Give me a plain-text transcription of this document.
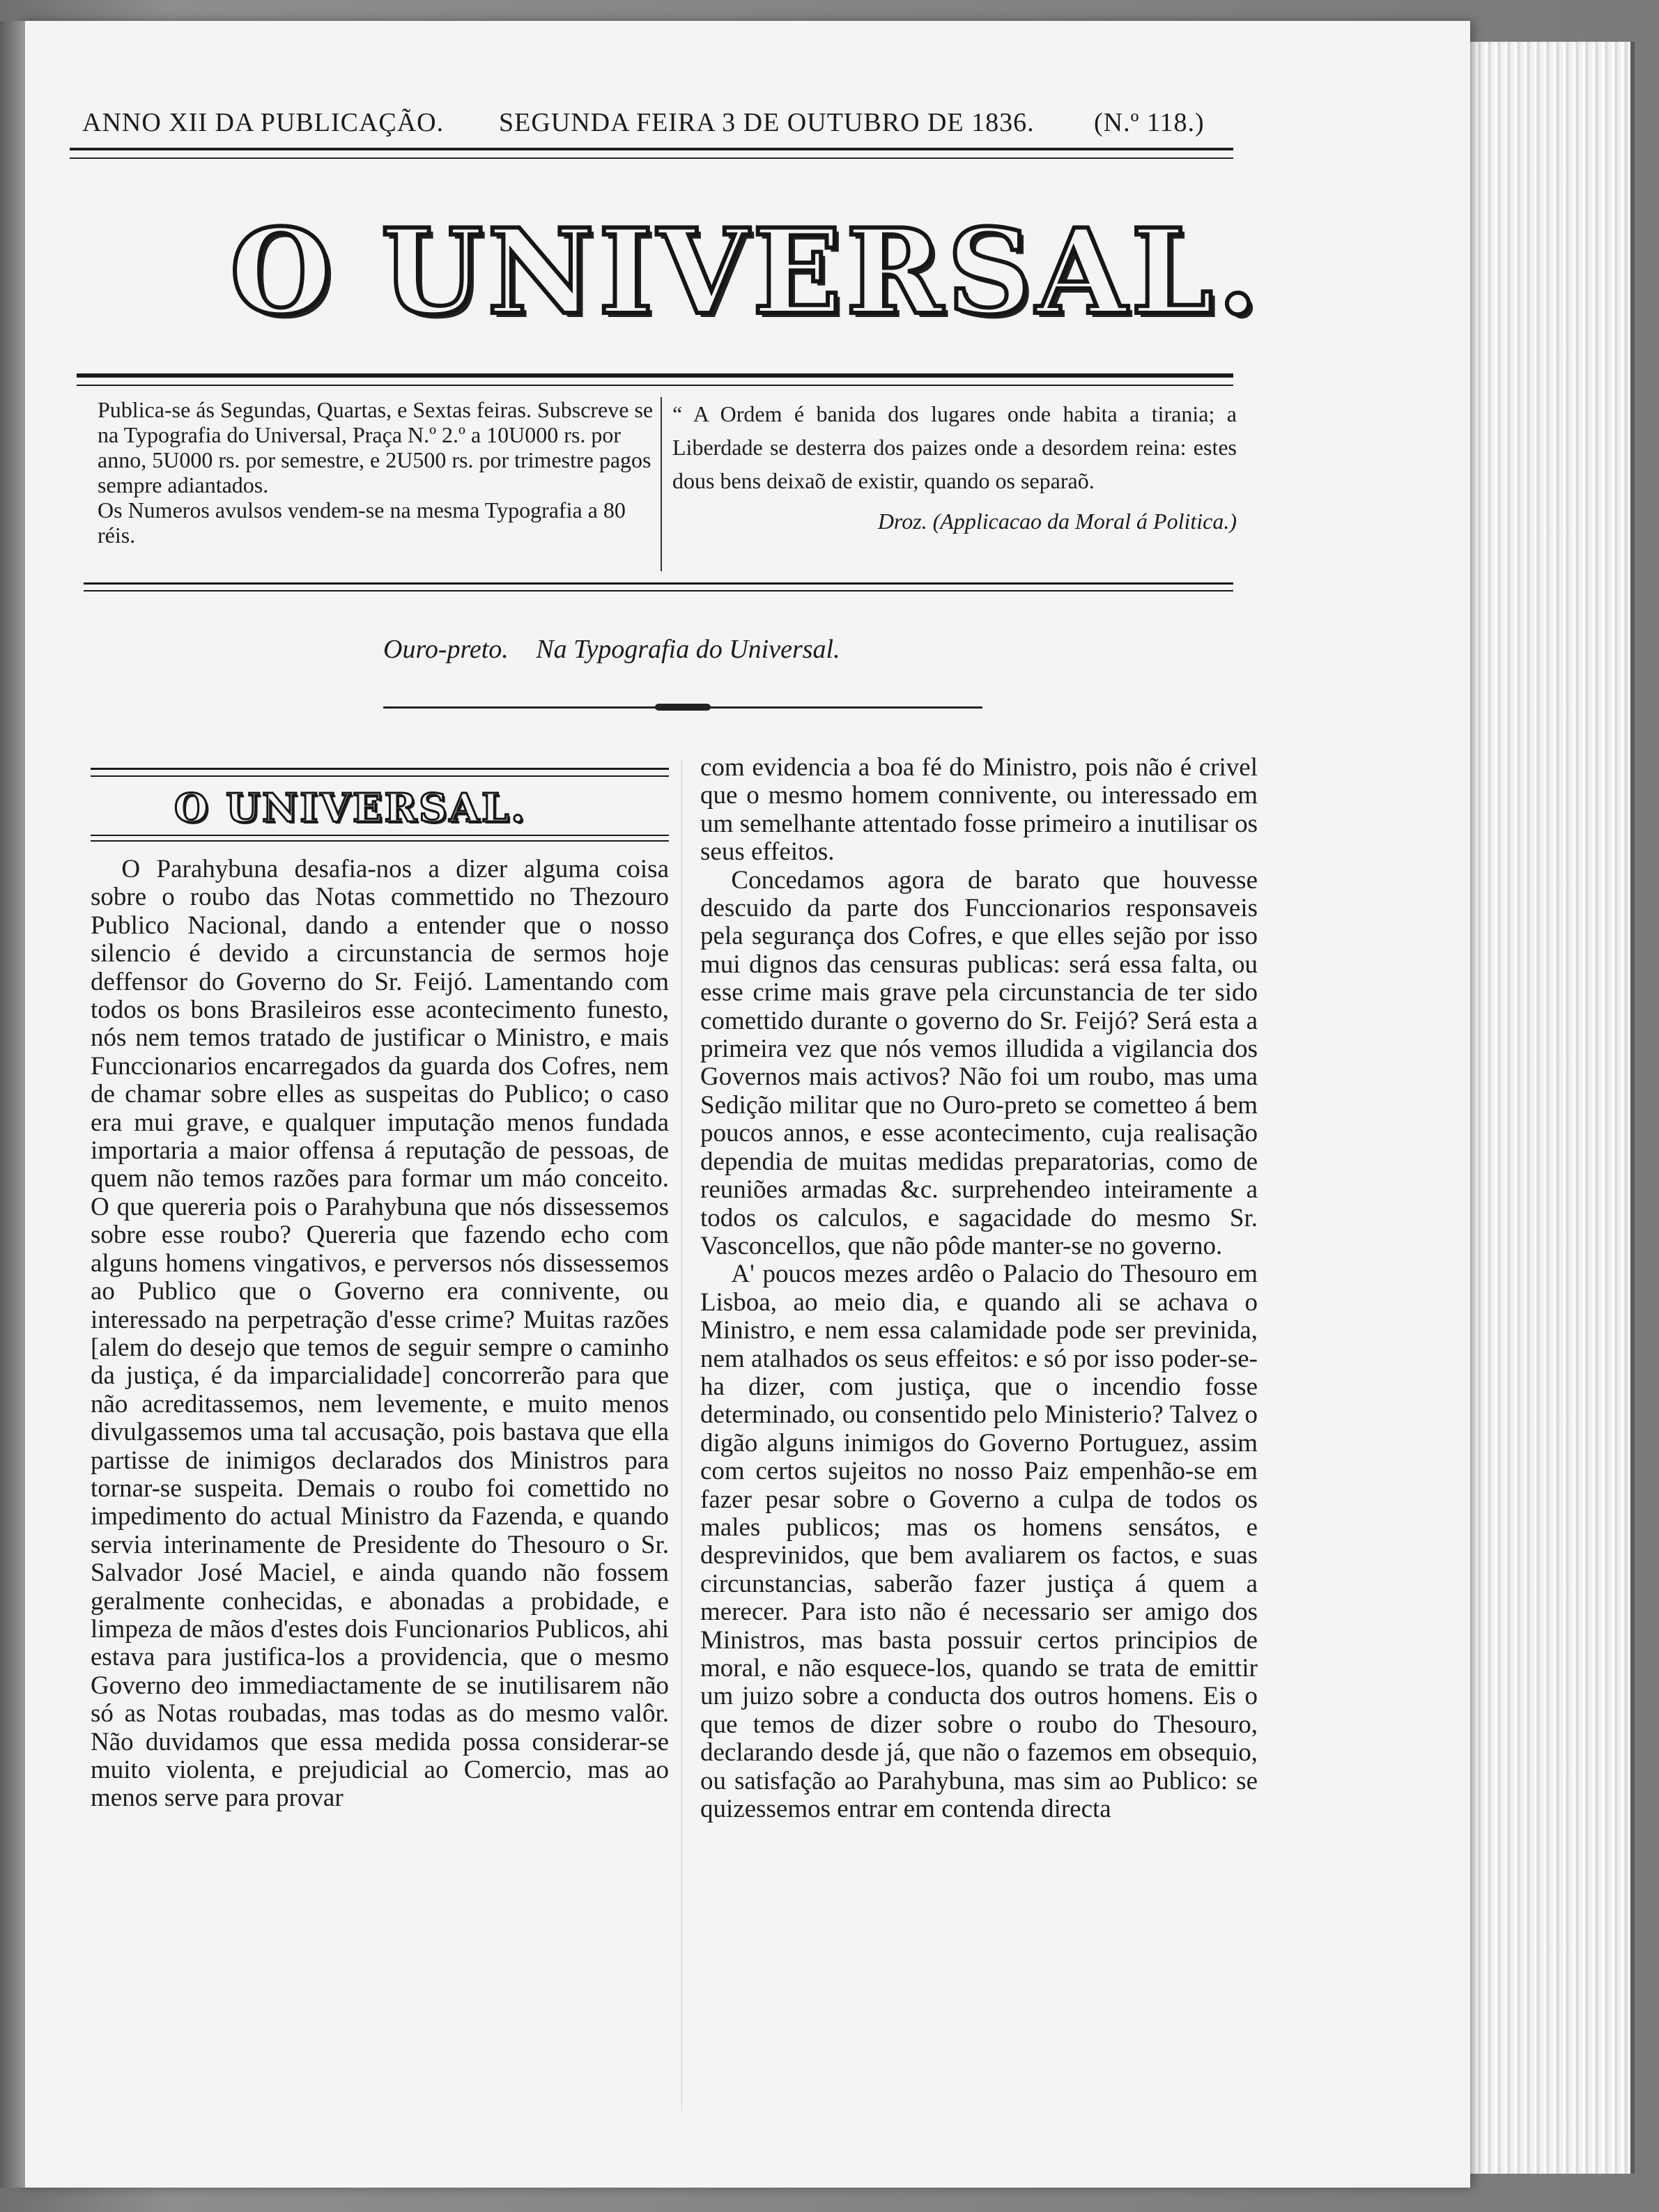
ANNO XII DA PUBLICAÇÃO. SEGUNDA FEIRA 3 DE OUTUBRO DE 1836. (N.º 118.)
O UNIVERSAL.

Publica-se ás Segundas, Quartas, e Sextas feiras. Subscreve se na Typografia do Universal, Praça N.º 2.º a 10U000 rs. por anno, 5U000 rs. por semestre, e 2U500 rs. por trimestre pagos sempre adiantados.

Os Numeros avulsos vendem-se na mesma Typografia a 80 réis.

“ A Ordem é banida dos lugares onde habita a tirania; a Liberdade se desterra dos paizes onde a desordem reina: estes dous bens deixaõ de existir, quando os separaõ.

Droz. (Applicacao da Moral á Politica.)
Ouro-preto. Na Typografia do Universal.
O UNIVERSAL.

O Parahybuna desafia-nos a dizer alguma coisa sobre o roubo das Notas commettido no Thezouro Publico Nacional, dando a entender que o nosso silencio é devido a circunstancia de sermos hoje deffensor do Governo do Sr. Feijó. Lamentando com todos os bons Brasileiros esse acontecimento funesto, nós nem temos tratado de justificar o Ministro, e mais Funccionarios encarregados da guarda dos Cofres, nem de chamar sobre elles as suspeitas do Publico; o caso era mui grave, e qualquer imputação menos fundada importaria a maior offensa á reputação de pessoas, de quem não temos razões para formar um máo conceito. O que quereria pois o Parahybuna que nós dissessemos sobre esse roubo? Quereria que fazendo echo com alguns homens vingativos, e perversos nós dissessemos ao Publico que o Governo era connivente, ou interessado na perpetração d'esse crime? Muitas razões [alem do desejo que temos de seguir sempre o caminho da justiça, é da imparcialidade] concorrerão para que não acreditassemos, nem levemente, e muito menos divulgassemos uma tal accusação, pois bastava que ella partisse de inimigos declarados dos Ministros para tornar-se suspeita. Demais o roubo foi comettido no impedimento do actual Ministro da Fazenda, e quando servia interinamente de Presidente do Thesouro o Sr. Salvador José Maciel, e ainda quando não fossem geralmente conhecidas, e abonadas a probidade, e limpeza de mãos d'estes dois Funcionarios Publicos, ahi estava para justifica-los a providencia, que o mesmo Governo deo immediactamente de se inutilisarem não só as Notas roubadas, mas todas as do mesmo valôr. Não duvidamos que essa medida possa considerar-se muito violenta, e prejudicial ao Comercio, mas ao menos serve para provar

com evidencia a boa fé do Ministro, pois não é crivel que o mesmo homem connivente, ou interessado em um semelhante attentado fosse primeiro a inutilisar os seus effeitos.

Concedamos agora de barato que houvesse descuido da parte dos Funccionarios responsaveis pela segurança dos Cofres, e que elles sejão por isso mui dignos das censuras publicas: será essa falta, ou esse crime mais grave pela circunstancia de ter sido comettido durante o governo do Sr. Feijó? Será esta a primeira vez que nós vemos illudida a vigilancia dos Governos mais activos? Não foi um roubo, mas uma Sedição militar que no Ouro-preto se cometteo á bem poucos annos, e esse acontecimento, cuja realisação dependia de muitas medidas preparatorias, como de reuniões armadas &c. surprehendeo inteiramente a todos os calculos, e sagacidade do mesmo Sr. Vasconcellos, que não pôde manter-se no governo.

A' poucos mezes ardêo o Palacio do Thesouro em Lisboa, ao meio dia, e quando ali se achava o Ministro, e nem essa calamidade pode ser previnida, nem atalhados os seus effeitos: e só por isso poder-se-ha dizer, com justiça, que o incendio fosse determinado, ou consentido pelo Ministerio? Talvez o digão alguns inimigos do Governo Portuguez, assim com certos sujeitos no nosso Paiz empenhão-se em fazer pesar sobre o Governo a culpa de todos os males publicos; mas os homens sensátos, e desprevinidos, que bem avaliarem os factos, e suas circunstancias, saberão fazer justiça á quem a merecer. Para isto não é necessario ser amigo dos Ministros, mas basta possuir certos principios de moral, e não esquece-los, quando se trata de emittir um juizo sobre a conducta dos outros homens. Eis o que temos de dizer sobre o roubo do Thesouro, declarando desde já, que não o fazemos em obsequio, ou satisfação ao Parahybuna, mas sim ao Publico: se quizessemos entrar em contenda directa
